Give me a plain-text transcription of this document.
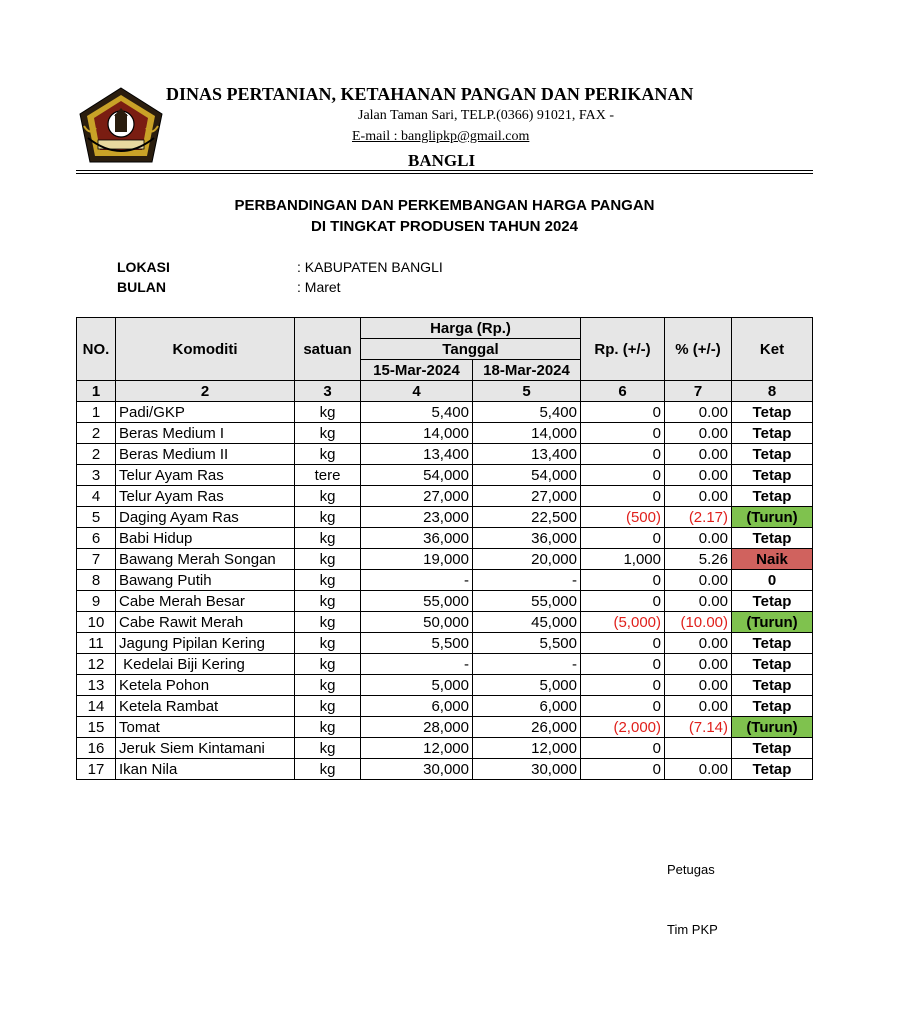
DINAS PERTANIAN, KETAHANAN PANGAN DAN PERIKANAN
Jalan Taman Sari, TELP.(0366) 91021, FAX -
E-mail : banglipkp@gmail.com
BANGLI
PERBANDINGAN DAN PERKEMBANGAN HARGA PANGAN
DI TINGKAT PRODUSEN TAHUN 2024
LOKASI	: KABUPATEN BANGLI
BULAN	: Maret
NO.	Komoditi	satuan	Harga (Rp.)		Rp. (+/-)	% (+/-)	Ket
			Tanggal				
			15-Mar-2024	18-Mar-2024			
1	2	3	4	5	6	7	8
1	Padi/GKP	kg	5,400	5,400	0	0.00	Tetap
2	Beras Medium I	kg	14,000	14,000	0	0.00	Tetap
2	Beras Medium II	kg	13,400	13,400	0	0.00	Tetap
3	Telur Ayam Ras	tere	54,000	54,000	0	0.00	Tetap
4	Telur Ayam Ras	kg	27,000	27,000	0	0.00	Tetap
5	Daging Ayam Ras	kg	23,000	22,500	(500)	(2.17)	(Turun)
6	Babi Hidup	kg	36,000	36,000	0	0.00	Tetap
7	Bawang Merah Songan	kg	19,000	20,000	1,000	5.26	Naik
8	Bawang Putih	kg	-	-	0	0.00	0
9	Cabe Merah Besar	kg	55,000	55,000	0	0.00	Tetap
10	Cabe Rawit Merah	kg	50,000	45,000	(5,000)	(10.00)	(Turun)
11	Jagung Pipilan Kering	kg	5,500	5,500	0	0.00	Tetap
12	Kedelai Biji Kering	kg	-	-	0	0.00	Tetap
13	Ketela Pohon	kg	5,000	5,000	0	0.00	Tetap
14	Ketela Rambat	kg	6,000	6,000	0	0.00	Tetap
15	Tomat	kg	28,000	26,000	(2,000)	(7.14)	(Turun)
16	Jeruk Siem Kintamani	kg	12,000	12,000	0		Tetap
17	Ikan Nila	kg	30,000	30,000	0	0.00	Tetap
Petugas
Tim PKP
